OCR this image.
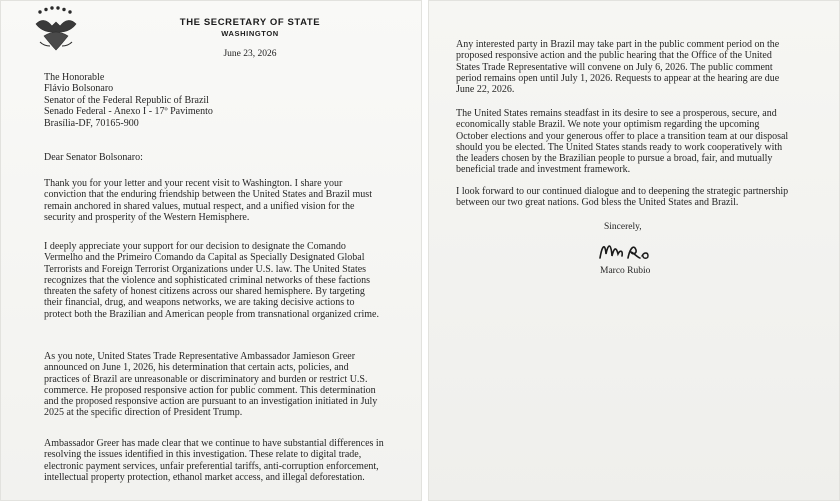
THE SECRETARY OF STATE
WASHINGTON
June 23, 2026
The Honorable
Flávio Bolsonaro
Senator of the Federal Republic of Brazil
Senado Federal - Anexo I - 17º Pavimento
Brasília-DF, 70165-900
Dear Senator Bolsonaro:
Thank you for your letter and your recent visit to Washington. I share your conviction that the enduring friendship between the United States and Brazil must remain anchored in shared values, mutual respect, and a unified vision for the security and prosperity of the Western Hemisphere.
I deeply appreciate your support for our decision to designate the Comando Vermelho and the Primeiro Comando da Capital as Specially Designated Global Terrorists and Foreign Terrorist Organizations under U.S. law. The United States recognizes that the violence and sophisticated criminal networks of these factions threaten the safety of honest citizens across our shared hemisphere. By targeting their financial, drug, and weapons networks, we are taking decisive actions to protect both the Brazilian and American people from transnational organized crime.
As you note, United States Trade Representative Ambassador Jamieson Greer announced on June 1, 2026, his determination that certain acts, policies, and practices of Brazil are unreasonable or discriminatory and burden or restrict U.S. commerce. He proposed responsive action for public comment. This determination and the proposed responsive action are pursuant to an investigation initiated in July 2025 at the specific direction of President Trump.
Ambassador Greer has made clear that we continue to have substantial differences in resolving the issues identified in this investigation. These relate to digital trade, electronic payment services, unfair preferential tariffs, anti-corruption enforcement, intellectual property protection, ethanol market access, and illegal deforestation.
Any interested party in Brazil may take part in the public comment period on the proposed responsive action and the public hearing that the Office of the United States Trade Representative will convene on July 6, 2026. The public comment period remains open until July 1, 2026. Requests to appear at the hearing are due June 22, 2026.
The United States remains steadfast in its desire to see a prosperous, secure, and economically stable Brazil. We note your optimism regarding the upcoming October elections and your generous offer to place a transition team at our disposal should you be elected. The United States stands ready to work cooperatively with the leaders chosen by the Brazilian people to pursue a broad, fair, and mutually beneficial trade and investment framework.
I look forward to our continued dialogue and to deepening the strategic partnership between our two great nations. God bless the United States and Brazil.
Sincerely,
Marco Rubio
